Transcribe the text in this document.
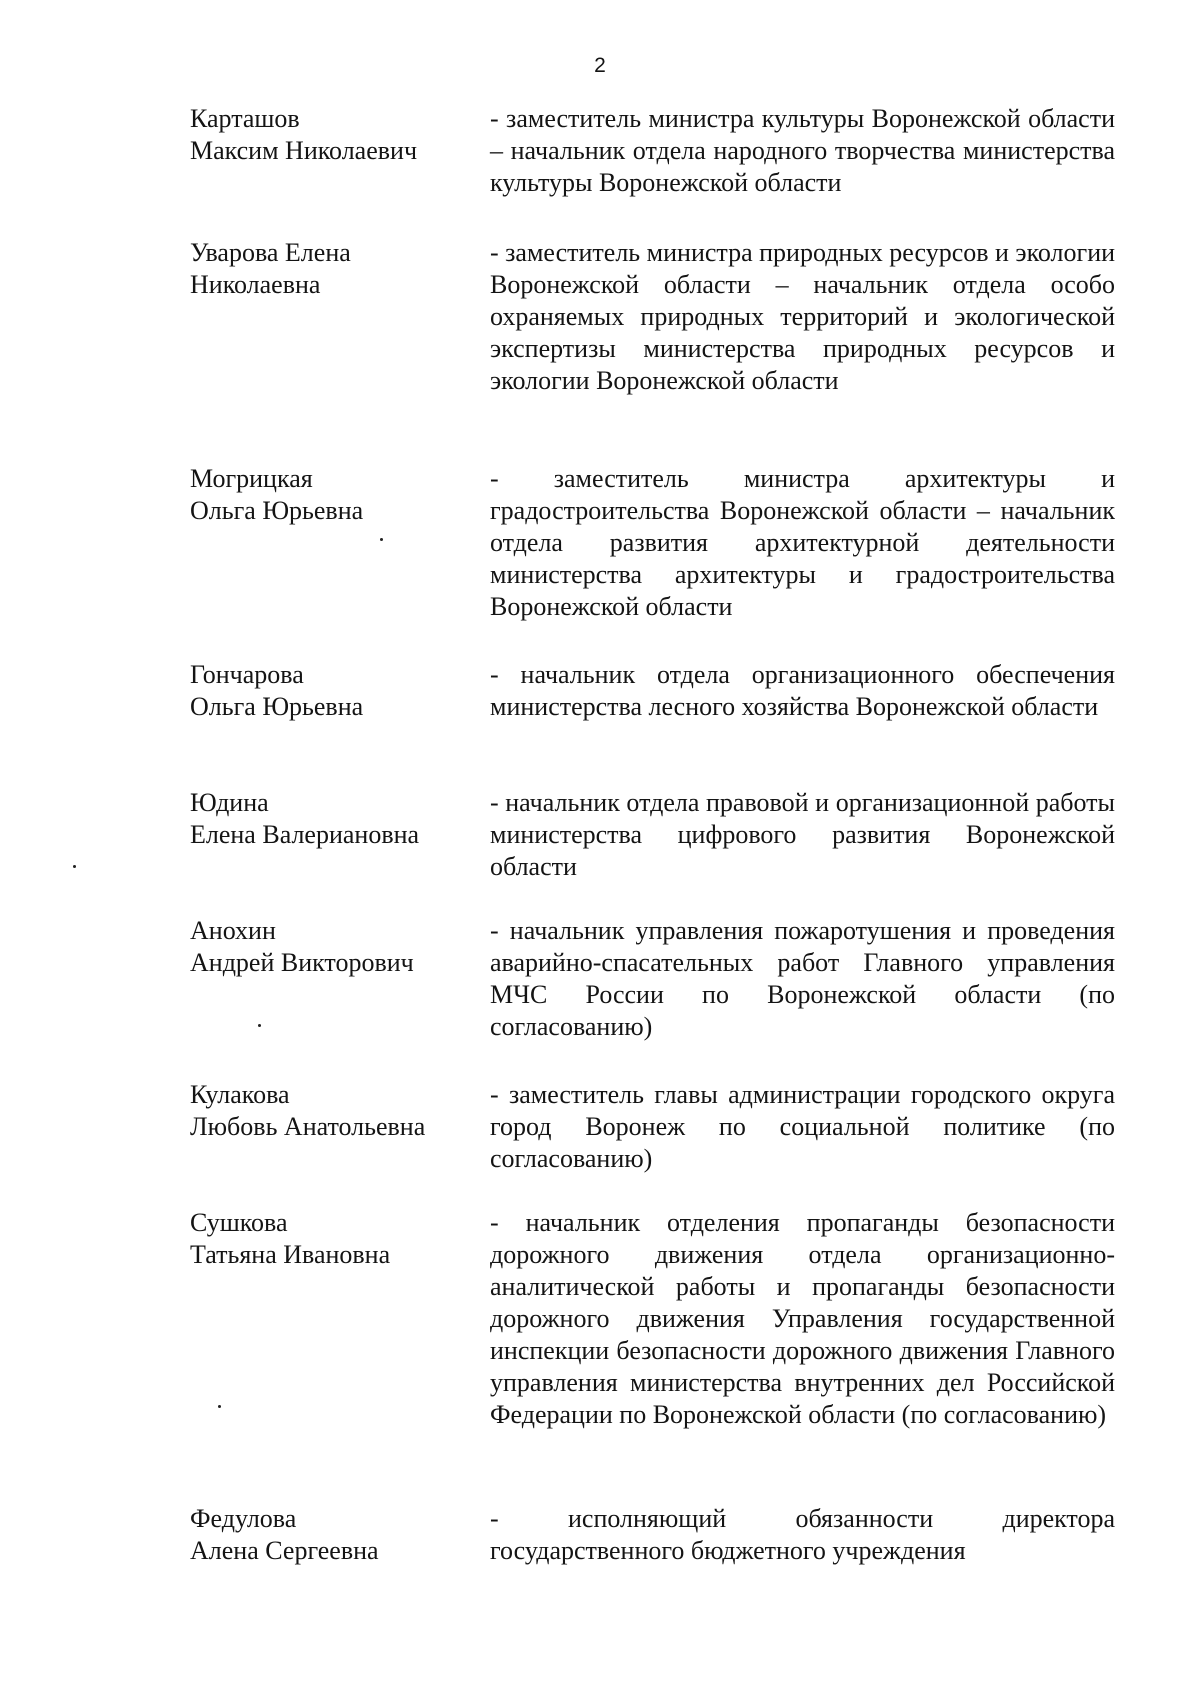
2
Карташов
Максим Николаевич
- заместитель министра культуры Воронежской области – начальник отдела народного творчества министерства культуры Воронежской области
Уварова Елена
Николаевна
- заместитель министра природных ресурсов и экологии Воронежской области – начальник отдела особо охраняемых природных территорий и экологической экспертизы министерства природных ресурсов и экологии Воронежской области
Могрицкая
Ольга Юрьевна
- заместитель министра архитектуры и градостроительства Воронежской области – начальник отдела развития архитектурной деятельности министерства архитектуры и градостроительства Воронежской области
Гончарова
Ольга Юрьевна
- начальник отдела организационного обеспечения министерства лесного хозяйства Воронежской области
Юдина
Елена Валериановна
- начальник отдела правовой и организационной работы министерства цифрового развития Воронежской области
Анохин
Андрей Викторович
- начальник управления пожаротушения и проведения аварийно-спасательных работ Главного управления МЧС России по Воронежской области (по согласованию)
Кулакова
Любовь Анатольевна
- заместитель главы администрации городского округа город Воронеж по социальной политике (по согласованию)
Сушкова
Татьяна Ивановна
- начальник отделения пропаганды безопасности дорожного движения отдела организационно-аналитической работы и пропаганды безопасности дорожного движения Управления государственной инспекции безопасности дорожного движения Главного управления министерства внутренних дел Российской Федерации по Воронежской области (по согласованию)
Федулова
Алена Сергеевна
- исполняющий обязанности директора государственного бюджетного учреждения
